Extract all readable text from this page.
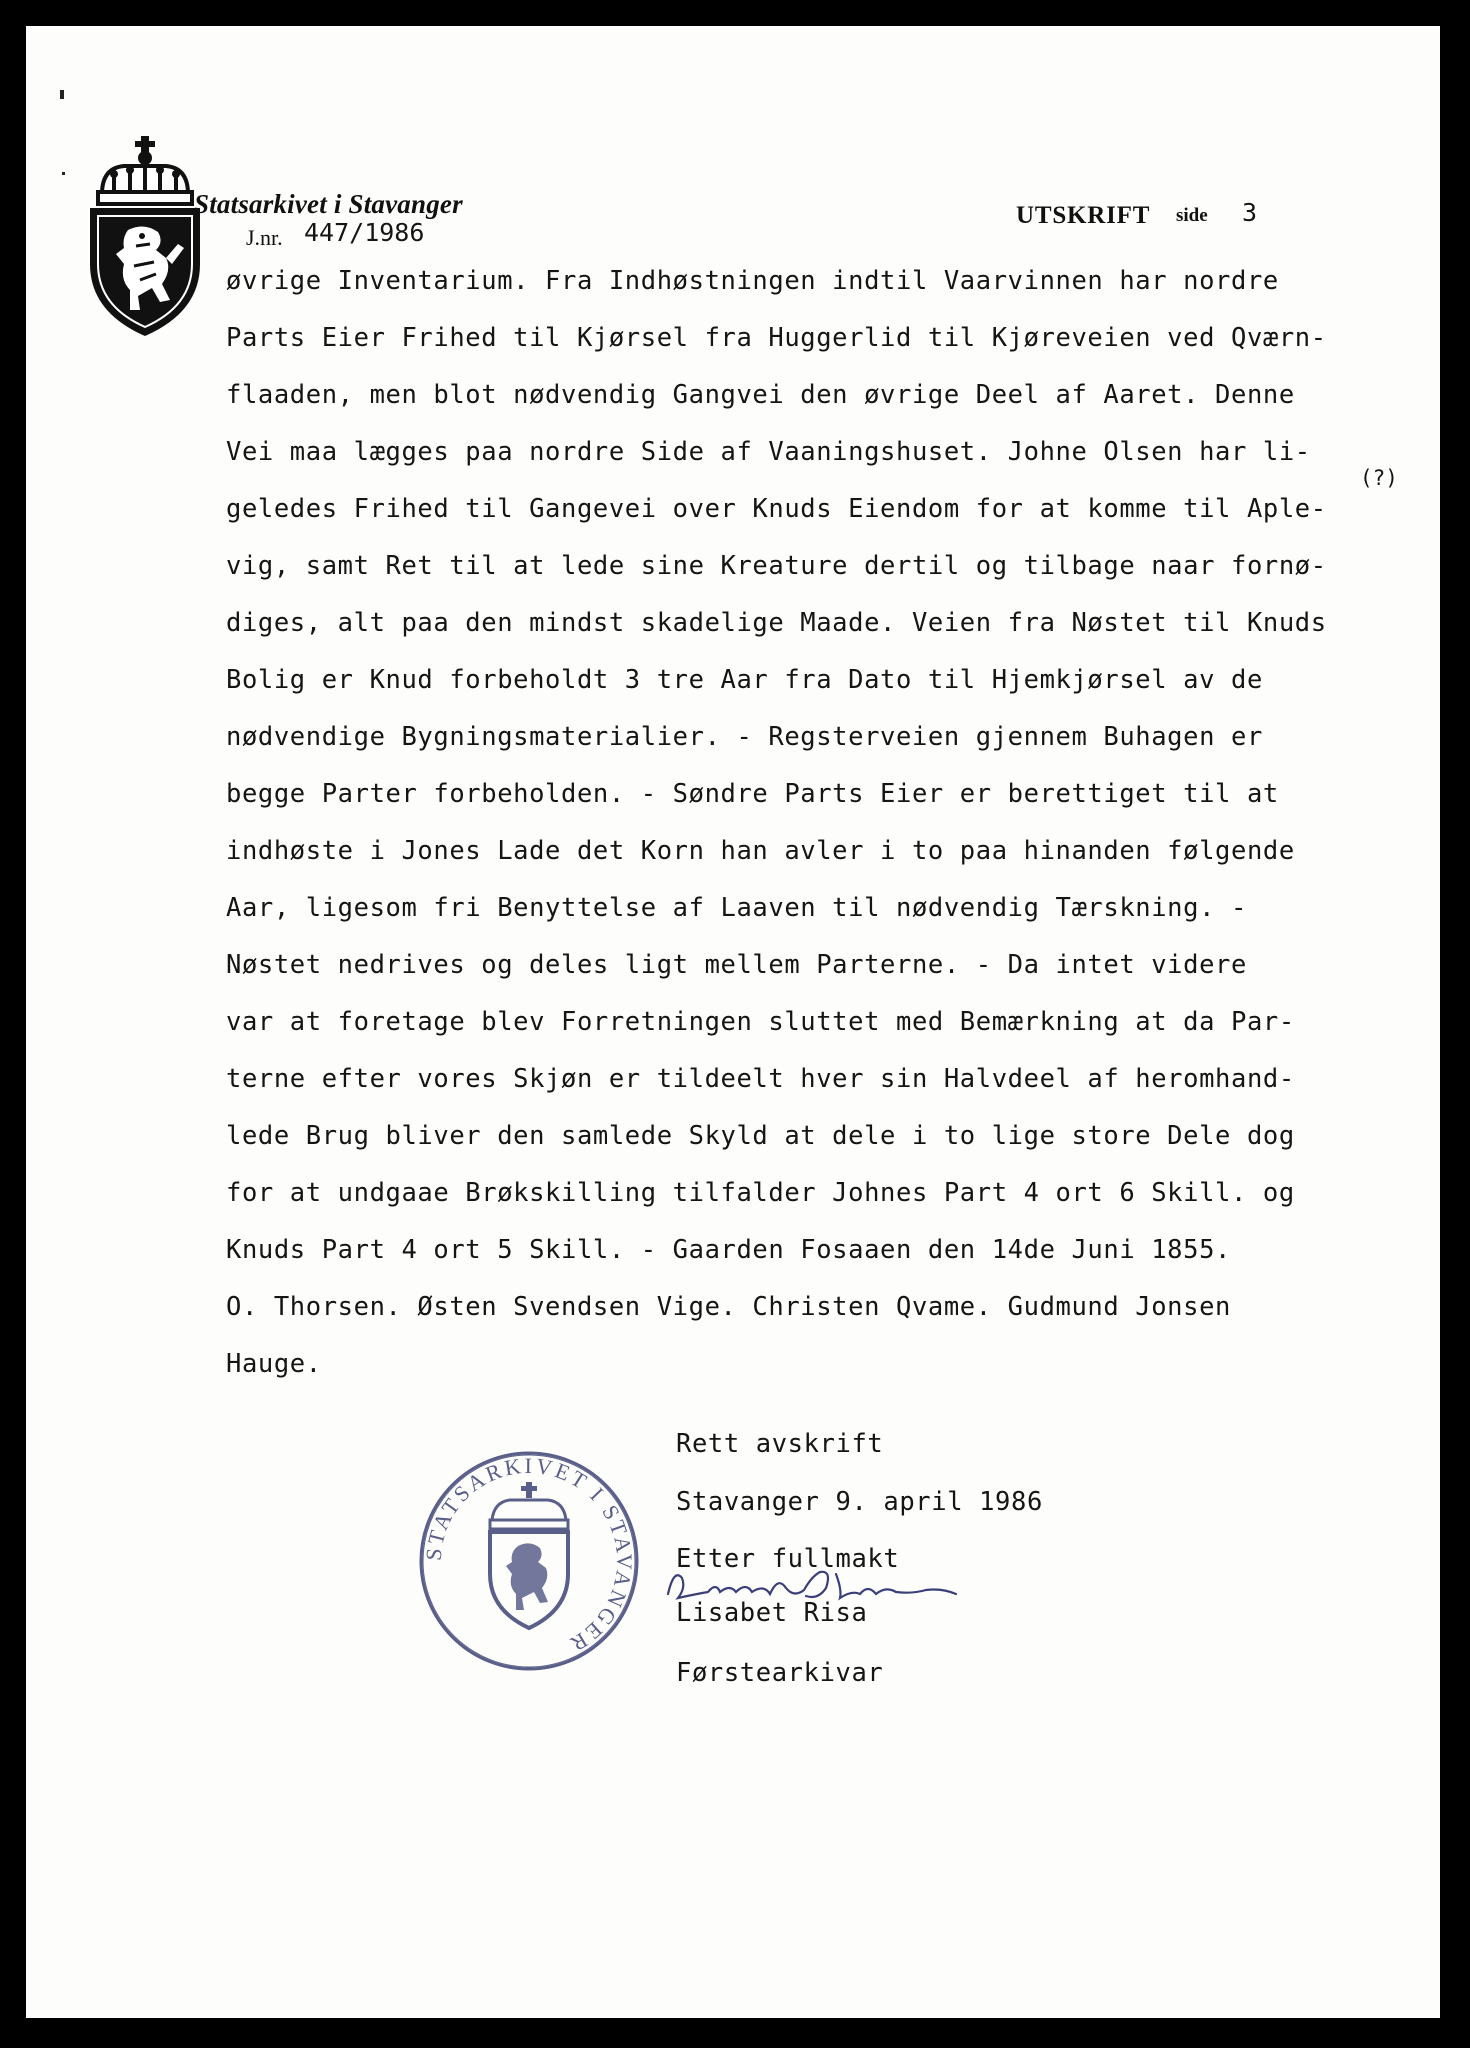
Statsarkivet i Stavanger
J.nr. 447/1986
UTSKRIFT side 3
øvrige Inventarium. Fra Indhøstningen indtil Vaarvinnen har nordre
Parts Eier Frihed til Kjørsel fra Huggerlid til Kjøreveien ved Qværn-
flaaden, men blot nødvendig Gangvei den øvrige Deel af Aaret. Denne
Vei maa lægges paa nordre Side af Vaaningshuset. Johne Olsen har li-
(?)
geledes Frihed til Gangevei over Knuds Eiendom for at komme til Aple-
vig, samt Ret til at lede sine Kreature dertil og tilbage naar fornø-
diges, alt paa den mindst skadelige Maade. Veien fra Nøstet til Knuds
Bolig er Knud forbeholdt 3 tre Aar fra Dato til Hjemkjørsel av de
nødvendige Bygningsmaterialier. - Regsterveien gjennem Buhagen er
begge Parter forbeholden. - Søndre Parts Eier er berettiget til at
indhøste i Jones Lade det Korn han avler i to paa hinanden følgende
Aar, ligesom fri Benyttelse af Laaven til nødvendig Tærskning. -
Nøstet nedrives og deles ligt mellem Parterne. - Da intet videre
var at foretage blev Forretningen sluttet med Bemærkning at da Par-
terne efter vores Skjøn er tildeelt hver sin Halvdeel af heromhand-
lede Brug bliver den samlede Skyld at dele i to lige store Dele dog
for at undgaae Brøkskilling tilfalder Johnes Part 4 ort 6 Skill. og
Knuds Part 4 ort 5 Skill. - Gaarden Fosaaen den 14de Juni 1855.
O. Thorsen. Østen Svendsen Vige. Christen Qvame. Gudmund Jonsen
Hauge.
STATSARKIVET I STAVANGER
Rett avskrift
Stavanger 9. april 1986
Etter fullmakt
Lisabet Risa
Førstearkivar
